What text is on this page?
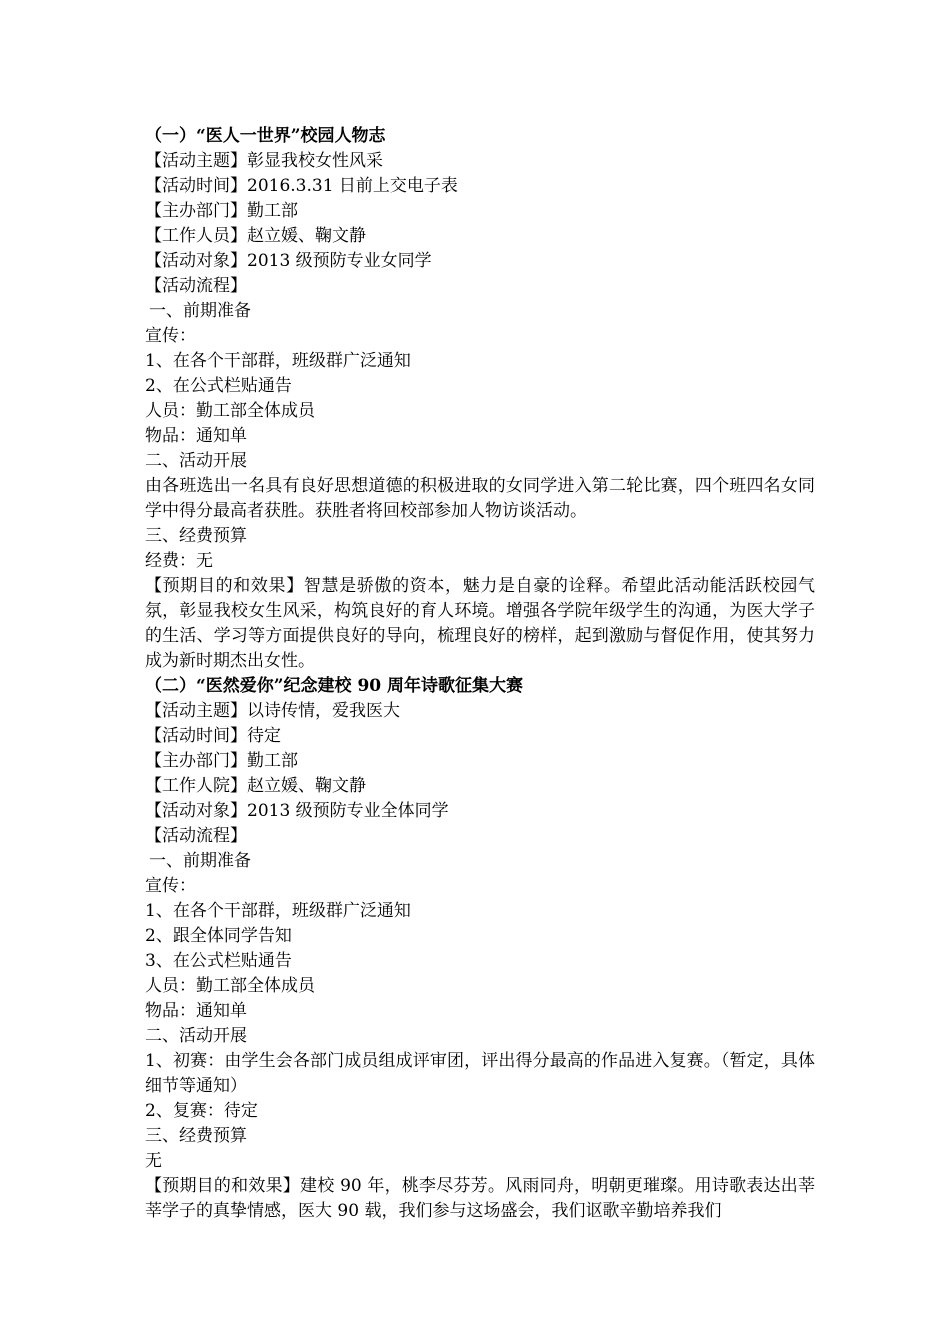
（一）“医人一世界”校园人物志
【活动主题】彰显我校女性风采
【活动时间】2016.3.31 日前上交电子表
【主办部门】勤工部
【工作人员】赵立媛、鞠文静
【活动对象】2013 级预防专业女同学
【活动流程】
一、前期准备
宣传：
1、在各个干部群，班级群广泛通知
2、在公式栏贴通告
人员：勤工部全体成员
物品：通知单
二、活动开展
由各班选出一名具有良好思想道德的积极进取的女同学进入第二轮比赛，四个班四名女同学中得分最高者获胜。获胜者将回校部参加人物访谈活动。
三、经费预算
经费：无
【预期目的和效果】智慧是骄傲的资本，魅力是自豪的诠释。希望此活动能活跃校园气氛，彰显我校女生风采，构筑良好的育人环境。增强各学院年级学生的沟通，为医大学子的生活、学习等方面提供良好的导向，梳理良好的榜样，起到激励与督促作用，使其努力成为新时期杰出女性。
（二）“医然爱你”纪念建校 90 周年诗歌征集大赛
【活动主题】以诗传情，爱我医大
【活动时间】待定
【主办部门】勤工部
【工作人院】赵立媛、鞠文静
【活动对象】2013 级预防专业全体同学
【活动流程】
一、前期准备
宣传：
1、在各个干部群，班级群广泛通知
2、跟全体同学告知
3、在公式栏贴通告
人员：勤工部全体成员
物品：通知单
二、活动开展
1、初赛：由学生会各部门成员组成评审团，评出得分最高的作品进入复赛。（暂定，具体细节等通知）
2、复赛：待定
三、经费预算
无
【预期目的和效果】建校 90 年，桃李尽芬芳。风雨同舟，明朝更璀璨。用诗歌表达出莘莘学子的真挚情感，医大 90 载，我们参与这场盛会，我们讴歌辛勤培养我们
